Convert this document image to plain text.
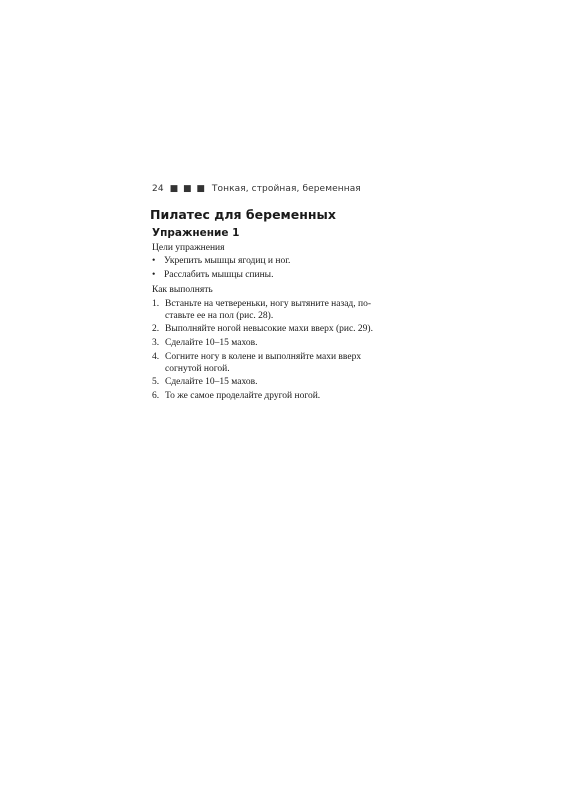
24 ■ ■ ■ Тонкая, стройная, беременная
Пилатес для беременных
Упражнение 1
Цели упражнения
• Укрепить мышцы ягодиц и ног.
• Расслабить мышцы спины.
Как выполнять
1. Встаньте на четвереньки, ногу вытяните назад, по-
ставьте ее на пол (рис. 28).
2. Выполняйте ногой невысокие махи вверх (рис. 29).
3. Сделайте 10–15 махов.
4. Согните ногу в колене и выполняйте махи вверх
согнутой ногой.
5. Сделайте 10–15 махов.
6. То же самое проделайте другой ногой.
